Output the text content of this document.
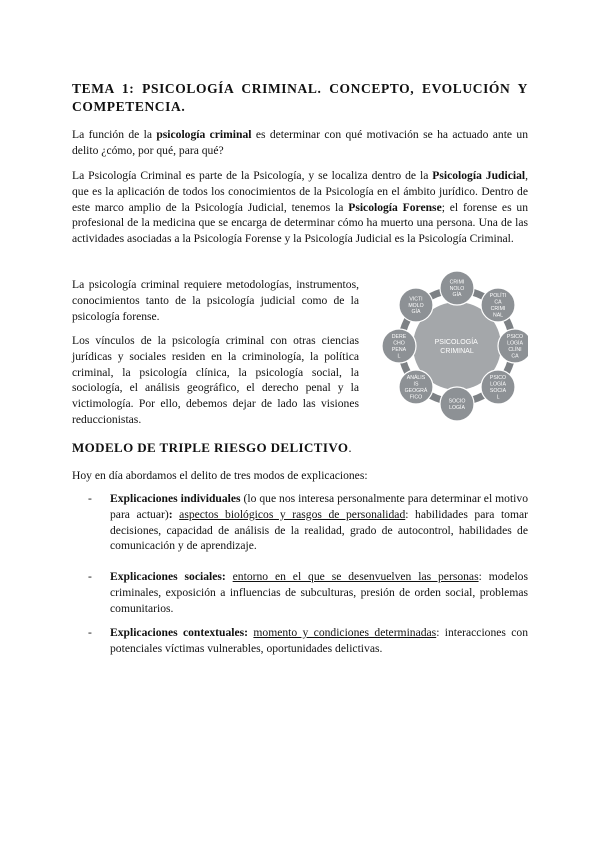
TEMA 1: PSICOLOGÍA CRIMINAL. CONCEPTO, EVOLUCIÓN Y COMPETENCIA.
La función de la psicología criminal es determinar con qué motivación se ha actuado ante un delito ¿cómo, por qué, para qué?
La Psicología Criminal es parte de la Psicología, y se localiza dentro de la Psicología Judicial, que es la aplicación de todos los conocimientos de la Psicología en el ámbito jurídico. Dentro de este marco amplio de la Psicología Judicial, tenemos la Psicología Forense; el forense es un profesional de la medicina que se encarga de determinar cómo ha muerto una persona. Una de las actividades asociadas a la Psicología Forense y la Psicología Judicial es la Psicología Criminal.
La psicología criminal requiere metodologías, instrumentos, conocimientos tanto de la psicología judicial como de la psicología forense.
Los vínculos de la psicología criminal con otras ciencias jurídicas y sociales residen en la criminología, la política criminal, la psicología clínica, la psicología social, la sociología, el análisis geográfico, el derecho penal y la victimología. Por ello, debemos dejar de lado las visiones reduccionistas.
PSICOLOGÍA CRIMINAL
CRIMI NOLO GÍA	POLÍTI CA CRIMI NAL
PSICO LOGÍA CLÍNI CA
PSICO LOGÍA SOCIA L
SOCIO LOGÍA
ANÁLIS IS GEOGRÁ FICO
DERE CHO PENA L
VICTI MOLO GÍA
MODELO DE TRIPLE RIESGO DELICTIVO.
Hoy en día abordamos el delito de tres modos de explicaciones:
- Explicaciones individuales (lo que nos interesa personalmente para determinar el motivo para actuar): aspectos biológicos y rasgos de personalidad: habilidades para tomar decisiones, capacidad de análisis de la realidad, grado de autocontrol, habilidades de comunicación y de aprendizaje.
- Explicaciones sociales: entorno en el que se desenvuelven las personas: modelos criminales, exposición a influencias de subculturas, presión de orden social, problemas comunitarios.
- Explicaciones contextuales: momento y condiciones determinadas: interacciones con potenciales víctimas vulnerables, oportunidades delictivas.
